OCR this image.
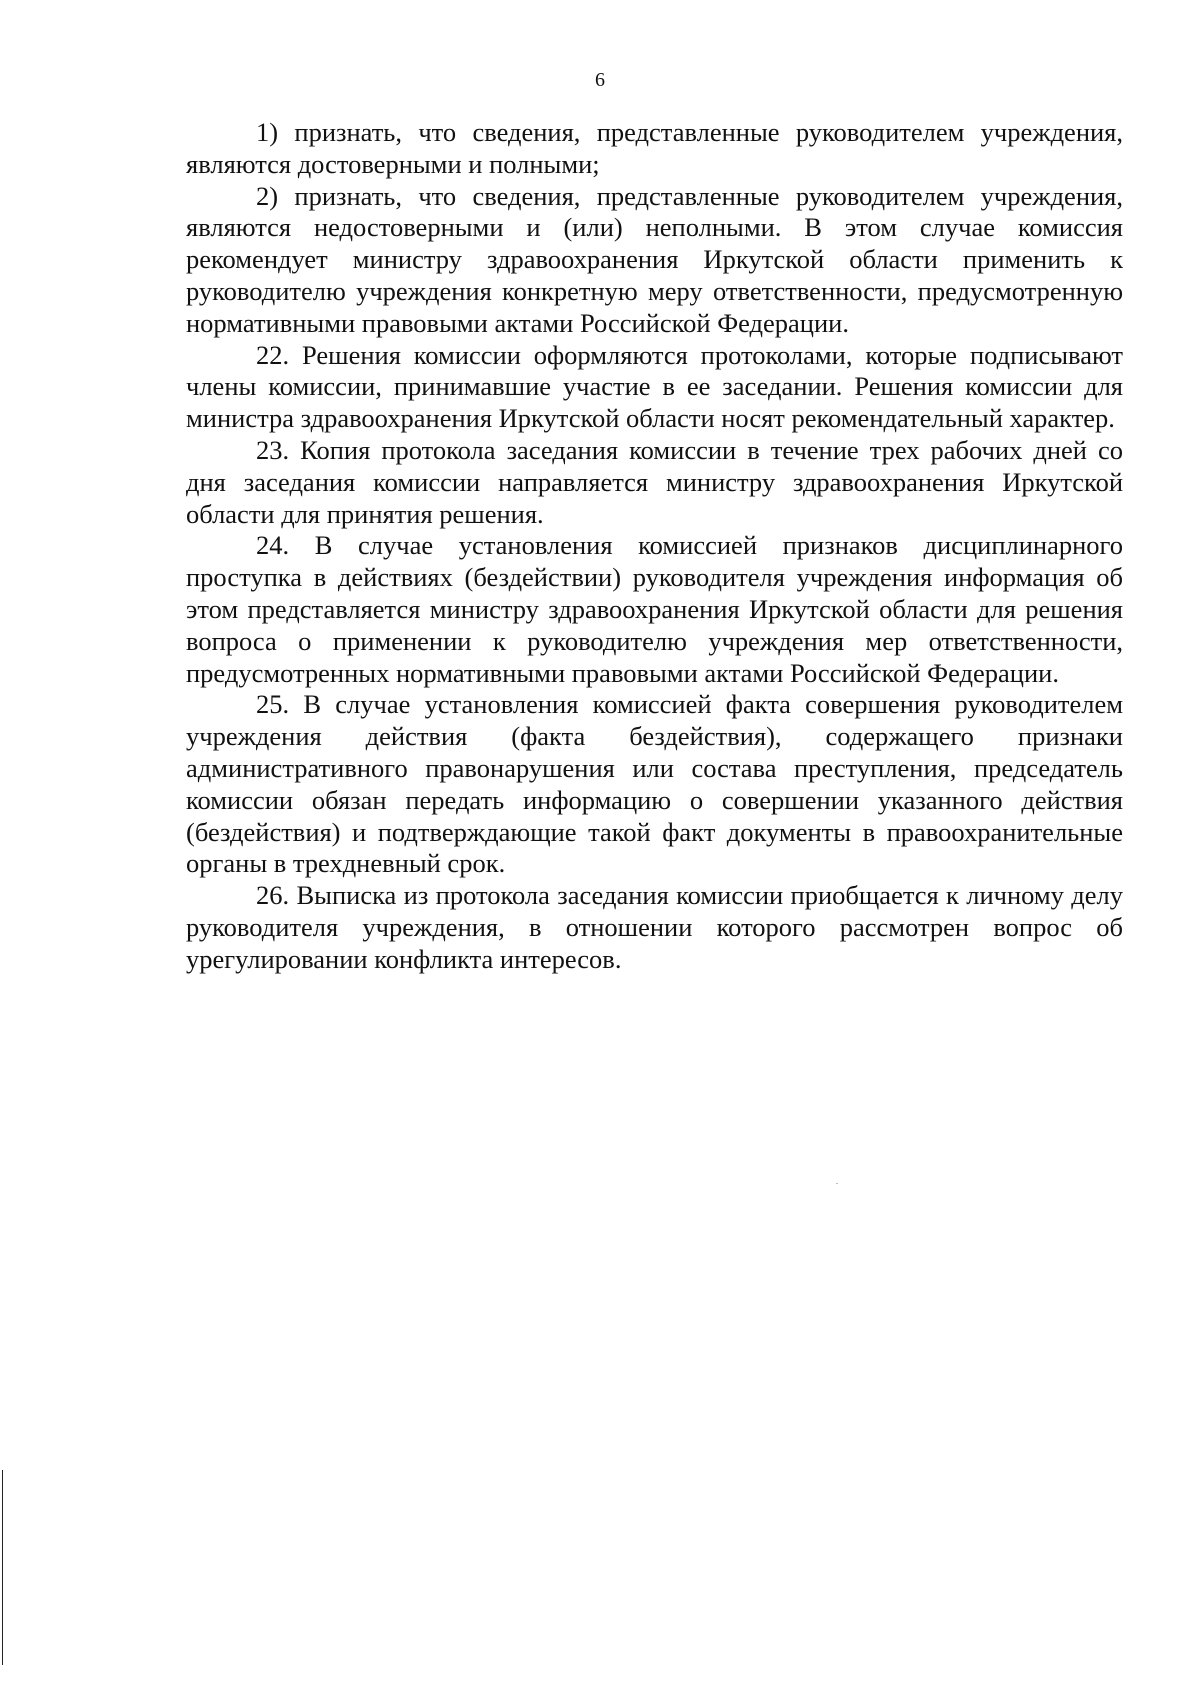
6

1) признать, что сведения, представленные руководителем учреждения, являются достоверными и полными;

2) признать, что сведения, представленные руководителем учреждения, являются недостоверными и (или) неполными. В этом случае комиссия рекомендует министру здравоохранения Иркутской области применить к руководителю учреждения конкретную меру ответственности, предусмотренную нормативными правовыми актами Российской Федерации.

22. Решения комиссии оформляются протоколами, которые подписывают члены комиссии, принимавшие участие в ее заседании. Решения комиссии для министра здравоохранения Иркутской области носят рекомендательный характер.

23. Копия протокола заседания комиссии в течение трех рабочих дней со дня заседания комиссии направляется министру здравоохранения Иркутской области для принятия решения.

24. В случае установления комиссией признаков дисциплинарного проступка в действиях (бездействии) руководителя учреждения информация об этом представляется министру здравоохранения Иркутской области для решения вопроса о применении к руководителю учреждения мер ответственности, предусмотренных нормативными правовыми актами Российской Федерации.

25. В случае установления комиссией факта совершения руководителем учреждения действия (факта бездействия), содержащего признаки административного правонарушения или состава преступления, председатель комиссии обязан передать информацию о совершении указанного действия (бездействия) и подтверждающие такой факт документы в правоохранительные органы в трехдневный срок.

26. Выписка из протокола заседания комиссии приобщается к личному делу руководителя учреждения, в отношении которого рассмотрен вопрос об урегулировании конфликта интересов.
